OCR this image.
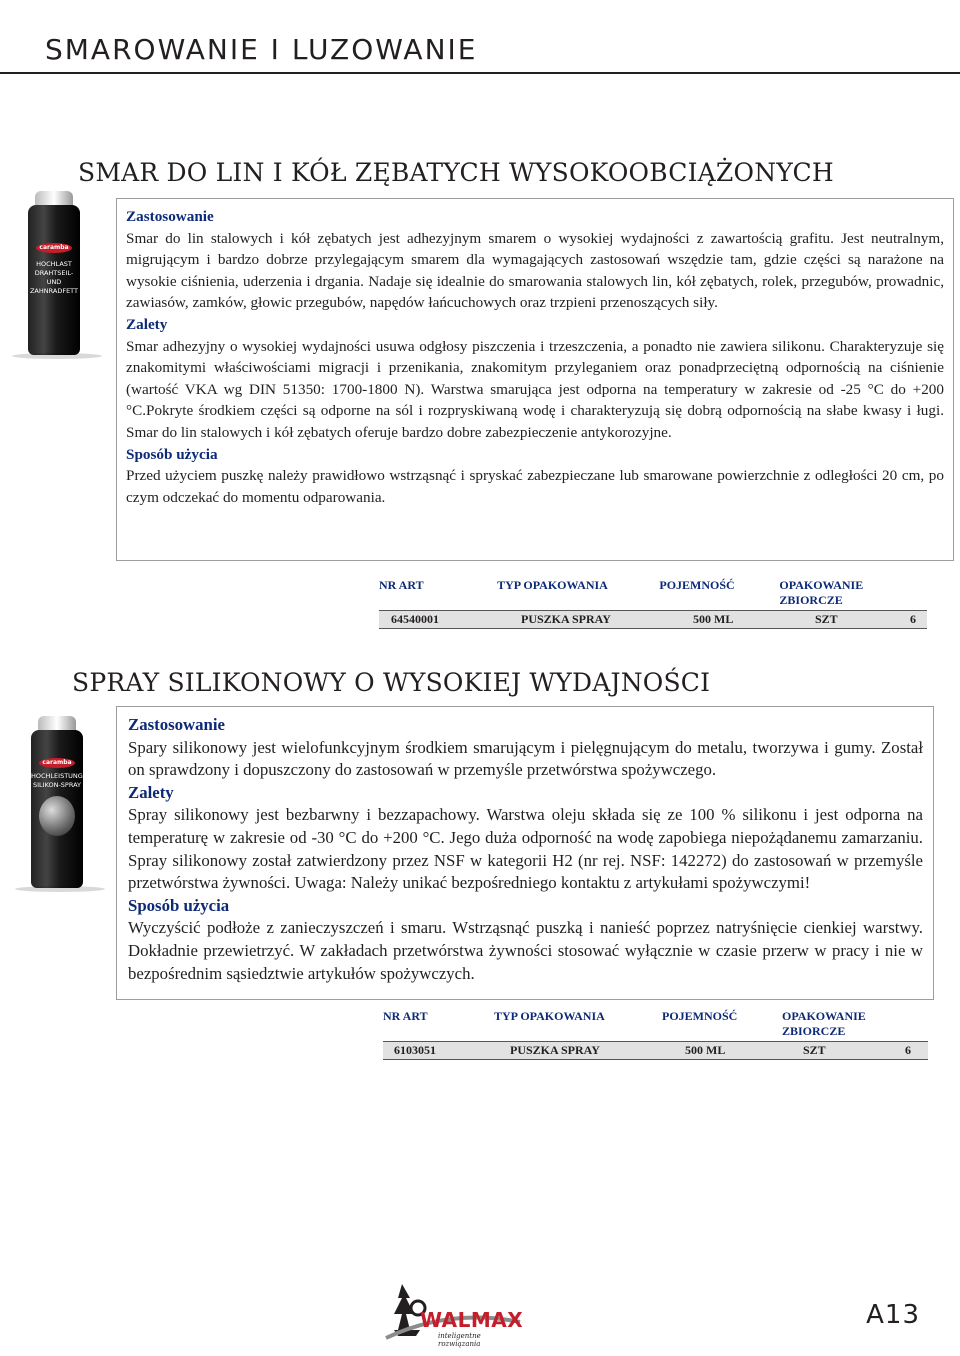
SMAROWANIE I LUZOWANIE
SMAR DO LIN I KÓŁ ZĘBATYCH WYSOKOOBCIĄŻONYCH
caramba
HOCHLAST
DRAHTSEIL-
UND
ZAHNRADFETT
Zastosowanie

Smar do lin stalowych i kół zębatych jest adhezyjnym smarem o wysokiej wydajności z zawartością grafitu. Jest neutralnym, migrującym i bardzo dobrze przylegającym smarem dla wymagających zastosowań wszędzie tam, gdzie części są narażone na wysokie ciśnienia, uderzenia i drgania. Nadaje się idealnie do smarowania stalowych lin, kół zębatych, rolek, przegubów, prowadnic, zawiasów, zamków, głowic przegubów, napędów łańcuchowych oraz trzpieni przenoszących siły.

Zalety

Smar adhezyjny o wysokiej wydajności usuwa odgłosy piszczenia i trzeszczenia, a ponadto nie zawiera silikonu. Charakteryzuje się znakomitymi właściwościami migracji i przenikania, znakomitym przyleganiem oraz ponadprzeciętną odpornością na ciśnienie (wartość VKA wg DIN 51350: 1700-1800 N). Warstwa smarująca jest odporna na temperatury w zakresie od -25 °C do +200 °C.Pokryte środkiem części są odporne na sól i rozpryskiwaną wodę i charakteryzują się dobrą odpornością na słabe kwasy i ługi. Smar do lin stalowych i kół zębatych oferuje bardzo dobre zabezpieczenie antykorozyjne.

Sposób użycia

Przed użyciem puszkę należy prawidłowo wstrząsnąć i spryskać zabezpieczane lub smarowane powierzchnie z odległości 20 cm, po czym odczekać do momentu odparowania.

NR ART	TYP OPAKOWANIA	POJEMNOŚĆ	OPAKOWANIE ZBIORCZE
64540001	PUSZKA SPRAY	500 ML	SZT	6
SPRAY SILIKONOWY O WYSOKIEJ WYDAJNOŚCI
caramba
HOCHLEISTUNGS
SILIKON-SPRAY
Zastosowanie

Spary silikonowy jest wielofunkcyjnym środkiem smarującym i pielęgnującym do metalu, tworzywa i gumy. Został on sprawdzony i dopuszczony do zastosowań w przemyśle przetwórstwa spożywczego.

Zalety

Spray silikonowy jest bezbarwny i bezzapachowy. Warstwa oleju składa się ze 100 % silikonu i jest odporna na temperaturę w zakresie od -30 °C do +200 °C. Jego duża odporność na wodę zapobiega niepożądanemu zamarzaniu. Spray silikonowy został zatwierdzony przez NSF w kategorii H2 (nr rej. NSF: 142272) do zastosowań w przemyśle przetwórstwa żywności. Uwaga: Należy unikać bezpośredniego kontaktu z artykułami spożywczymi!

Sposób użycia

Wyczyścić podłoże z zanieczyszczeń i smaru. Wstrząsnąć puszką i nanieść poprzez natryśnięcie cienkiej warstwy. Dokładnie przewietrzyć. W zakładach przetwórstwa żywności stosować wyłącznie w czasie przerw w pracy i nie w bezpośrednim sąsiedztwie artykułów spożywczych.

NR ART	TYP OPAKOWANIA	POJEMNOŚĆ	OPAKOWANIE ZBIORCZE
6103051	PUSZKA SPRAY	500 ML	SZT	6
WALMAX
inteligentne rozwiązania
A13
